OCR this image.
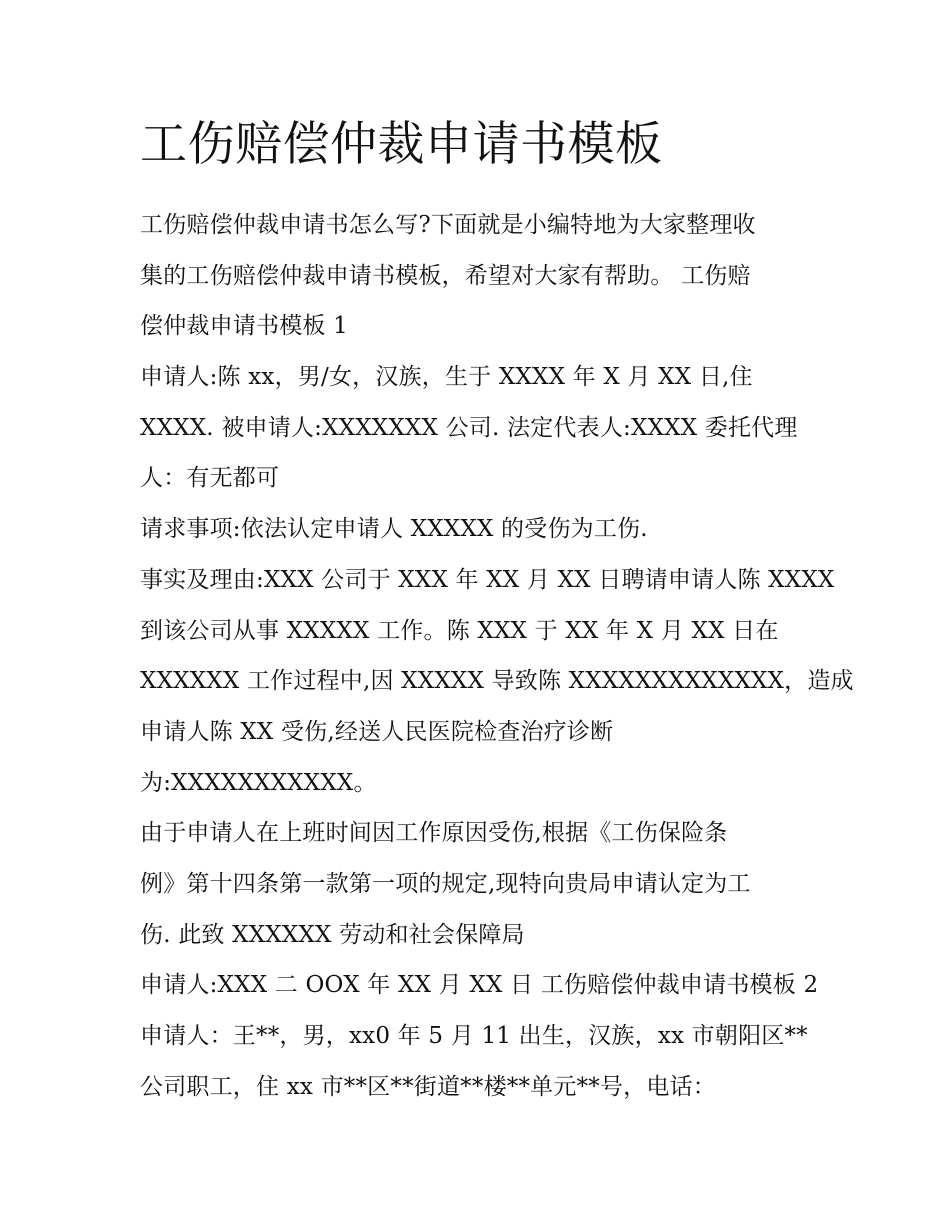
工伤赔偿仲裁申请书模板
工伤赔偿仲裁申请书怎么写?下面就是小编特地为大家整理收
集的工伤赔偿仲裁申请书模板，希望对大家有帮助。 工伤赔
偿仲裁申请书模板 1
申请人:陈 xx，男/女，汉族，生于 XXXX 年 X 月 XX 日,住
XXXX. 被申请人:XXXXXXX 公司. 法定代表人:XXXX 委托代理
人：有无都可
请求事项:依法认定申请人 XXXXX 的受伤为工伤.
事实及理由:XXX 公司于 XXX 年 XX 月 XX 日聘请申请人陈 XXXX
到该公司从事 XXXXX 工作。陈 XXX 于 XX 年 X 月 XX 日在
XXXXXX 工作过程中,因 XXXXX 导致陈 XXXXXXXXXXXXX，造成
申请人陈 XX 受伤,经送人民医院检查治疗诊断
为:XXXXXXXXXXX。
由于申请人在上班时间因工作原因受伤,根据《工伤保险条
例》第十四条第一款第一项的规定,现特向贵局申请认定为工
伤. 此致 XXXXXX 劳动和社会保障局
申请人:XXX 二 OOX 年 XX 月 XX 日 工伤赔偿仲裁申请书模板 2
申请人：王**，男，xx0 年 5 月 11 出生，汉族，xx 市朝阳区**
公司职工，住 xx 市**区**街道**楼**单元**号，电话：
